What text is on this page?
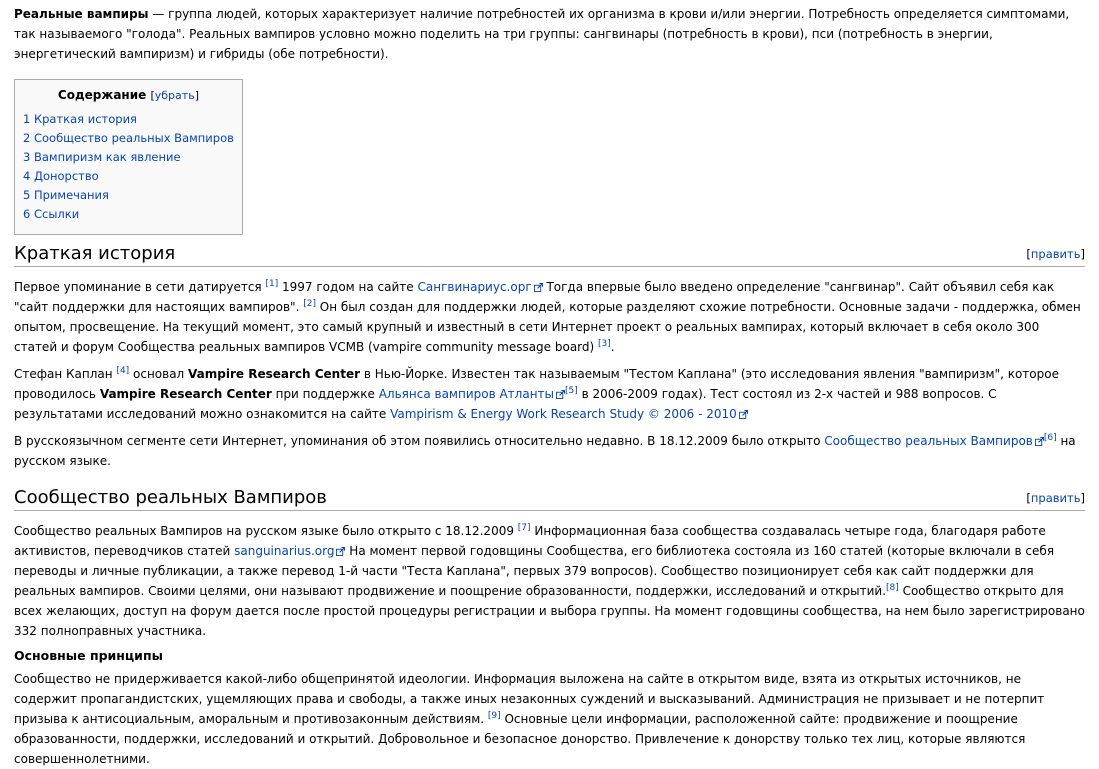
Реальные вампиры — группа людей, которых характеризует наличие потребностей их организма в крови и/или энергии. Потребность определяется симптомами, так называемого "голода". Реальных вампиров условно можно поделить на три группы: сангвинары (потребность в крови), пси (потребность в энергии, энергетический вампиризм) и гибриды (обе потребности).

Содержание [убрать]
1 Краткая история
2 Сообщество реальных Вампиров
3 Вампиризм как явление
4 Донорство
5 Примечания
6 Ссылки
Краткая история	[править]

Первое упоминание в сети датируется [1] 1997 годом на сайте Сангвинариус.орг Тогда впервые было введено определение "сангвинар". Сайт объявил себя как "сайт поддержки для настоящих вампиров". [2] Он был создан для поддержки людей, которые разделяют схожие потребности. Основные задачи - поддержка, обмен опытом, просвещение. На текущий момент, это самый крупный и известный в сети Интернет проект о реальных вампирах, который включает в себя около 300 статей и форум Сообщества реальных вампиров VCMB (vampire community message board) [3].

Стефан Каплан [4] основал Vampire Research Center в Нью-Йорке. Известен так называемым "Тестом Каплана" (это исследования явления "вампиризм", которое проводилось Vampire Research Center при поддержке Альянса вампиров Атланты [5] в 2006-2009 годах). Тест состоял из 2-х частей и 988 вопросов. С результатами исследований можно ознакомится на сайте Vampirism & Energy Work Research Study © 2006 - 2010

В русскоязычном сегменте сети Интернет, упоминания об этом появились относительно недавно. В 18.12.2009 было открыто Сообщество реальных Вампиров [6] на русском языке.

Сообщество реальных Вампиров	[править]

Сообщество реальных Вампиров на русском языке было открыто с 18.12.2009 [7] Информационная база сообщества создавалась четыре года, благодаря работе активистов, переводчиков статей sanguinarius.org На момент первой годовщины Сообщества, его библиотека состояла из 160 статей (которые включали в себя переводы и личные публикации, а также перевод 1-й части "Теста Каплана", первых 379 вопросов). Сообщество позиционирует себя как сайт поддержки для реальных вампиров. Своими целями, они называют продвижение и поощрение образованности, поддержки, исследований и открытий.[8] Сообщество открыто для всех желающих, доступ на форум дается после простой процедуры регистрации и выбора группы. На момент годовщины сообщества, на нем было зарегистрировано 332 полноправных участника.

Основные принципы

Сообщество не придерживается какой-либо общепринятой идеологии. Информация выложена на сайте в открытом виде, взята из открытых источников, не содержит пропагандистских, ущемляющих права и свободы, а также иных незаконных суждений и высказываний. Администрация не призывает и не потерпит призыва к антисоциальным, аморальным и противозаконным действиям. [9] Основные цели информации, расположенной сайте: продвижение и поощрение образованности, поддержки, исследований и открытий. Добровольное и безопасное донорство. Привлечение к донорству только тех лиц, которые являются совершеннолетними.
